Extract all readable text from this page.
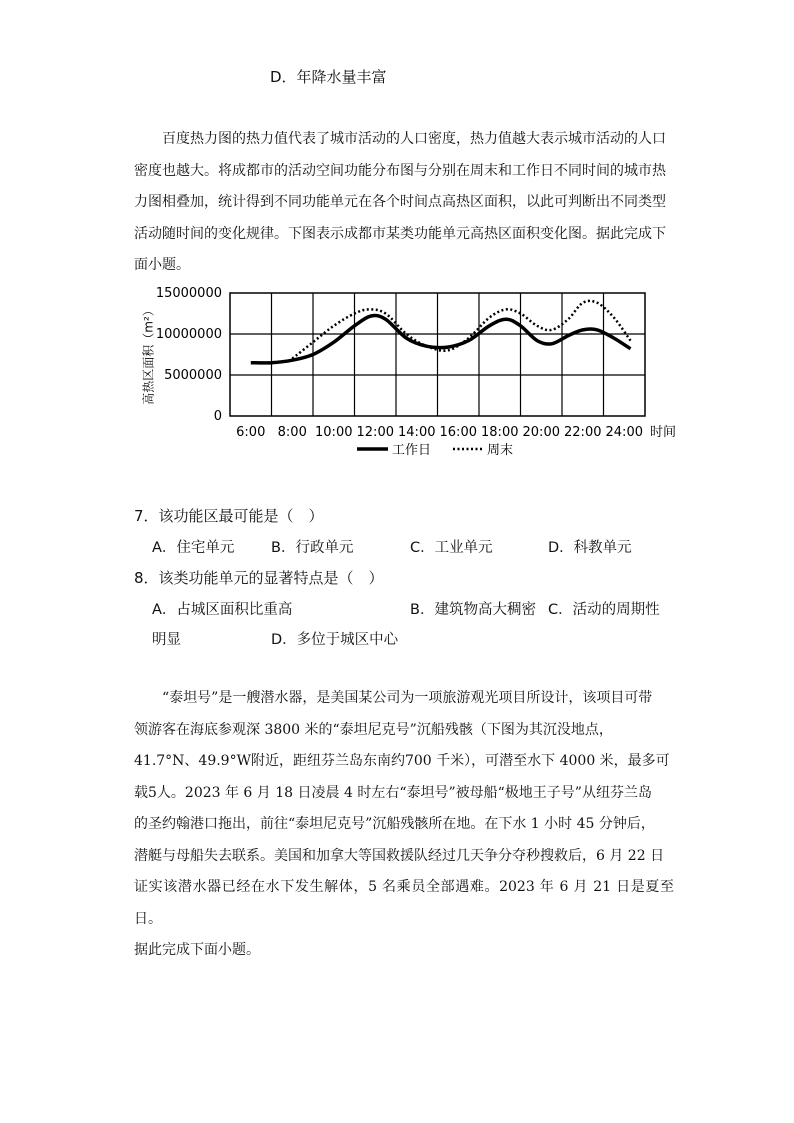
D．年降水量丰富

百度热力图的热力值代表了城市活动的人口密度，热力值越大表示城市活动的人口

密度也越大。将成都市的活动空间功能分布图与分别在周末和工作日不同时间的城市热

力图相叠加，统计得到不同功能单元在各个时间点高热区面积，以此可判断出不同类型

活动随时间的变化规律。下图表示成都市某类功能单元高热区面积变化图。据此完成下

面小题。

高热区面积（m²）
15000000
10000000
5000000
0
6:00 8:00 10:00 12:00 14:00 16:00 18:00 20:00 22:00 24:00 时间
工作日	周末
7．该功能区最可能是（　）
A．住宅单元	B．行政单元	C．工业单元	D．科教单元
8．该类功能单元的显著特点是（　）
A．占城区面积比重高	B．建筑物高大稠密 C．活动的周期性
明显	D．多位于城区中心

“泰坦号”是一艘潜水器，是美国某公司为一项旅游观光项目所设计，该项目可带

领游客在海底参观深 3800 米的“泰坦尼克号”沉船残骸（下图为其沉没地点，

41.7°N、49.9°W附近，距纽芬兰岛东南约700 千米），可潜至水下 4000 米，最多可

载5人。2023 年 6 月 18 日凌晨 4 时左右“泰坦号”被母船“极地王子号”从纽芬兰岛

的圣约翰港口拖出，前往“泰坦尼克号”沉船残骸所在地。在下水 1 小时 45 分钟后，

潜艇与母船失去联系。美国和加拿大等国救援队经过几天争分夺秒搜救后，6 月 22 日

证实该潜水器已经在水下发生解体，5 名乘员全部遇难。2023 年 6 月 21 日是夏至日。

据此完成下面小题。
